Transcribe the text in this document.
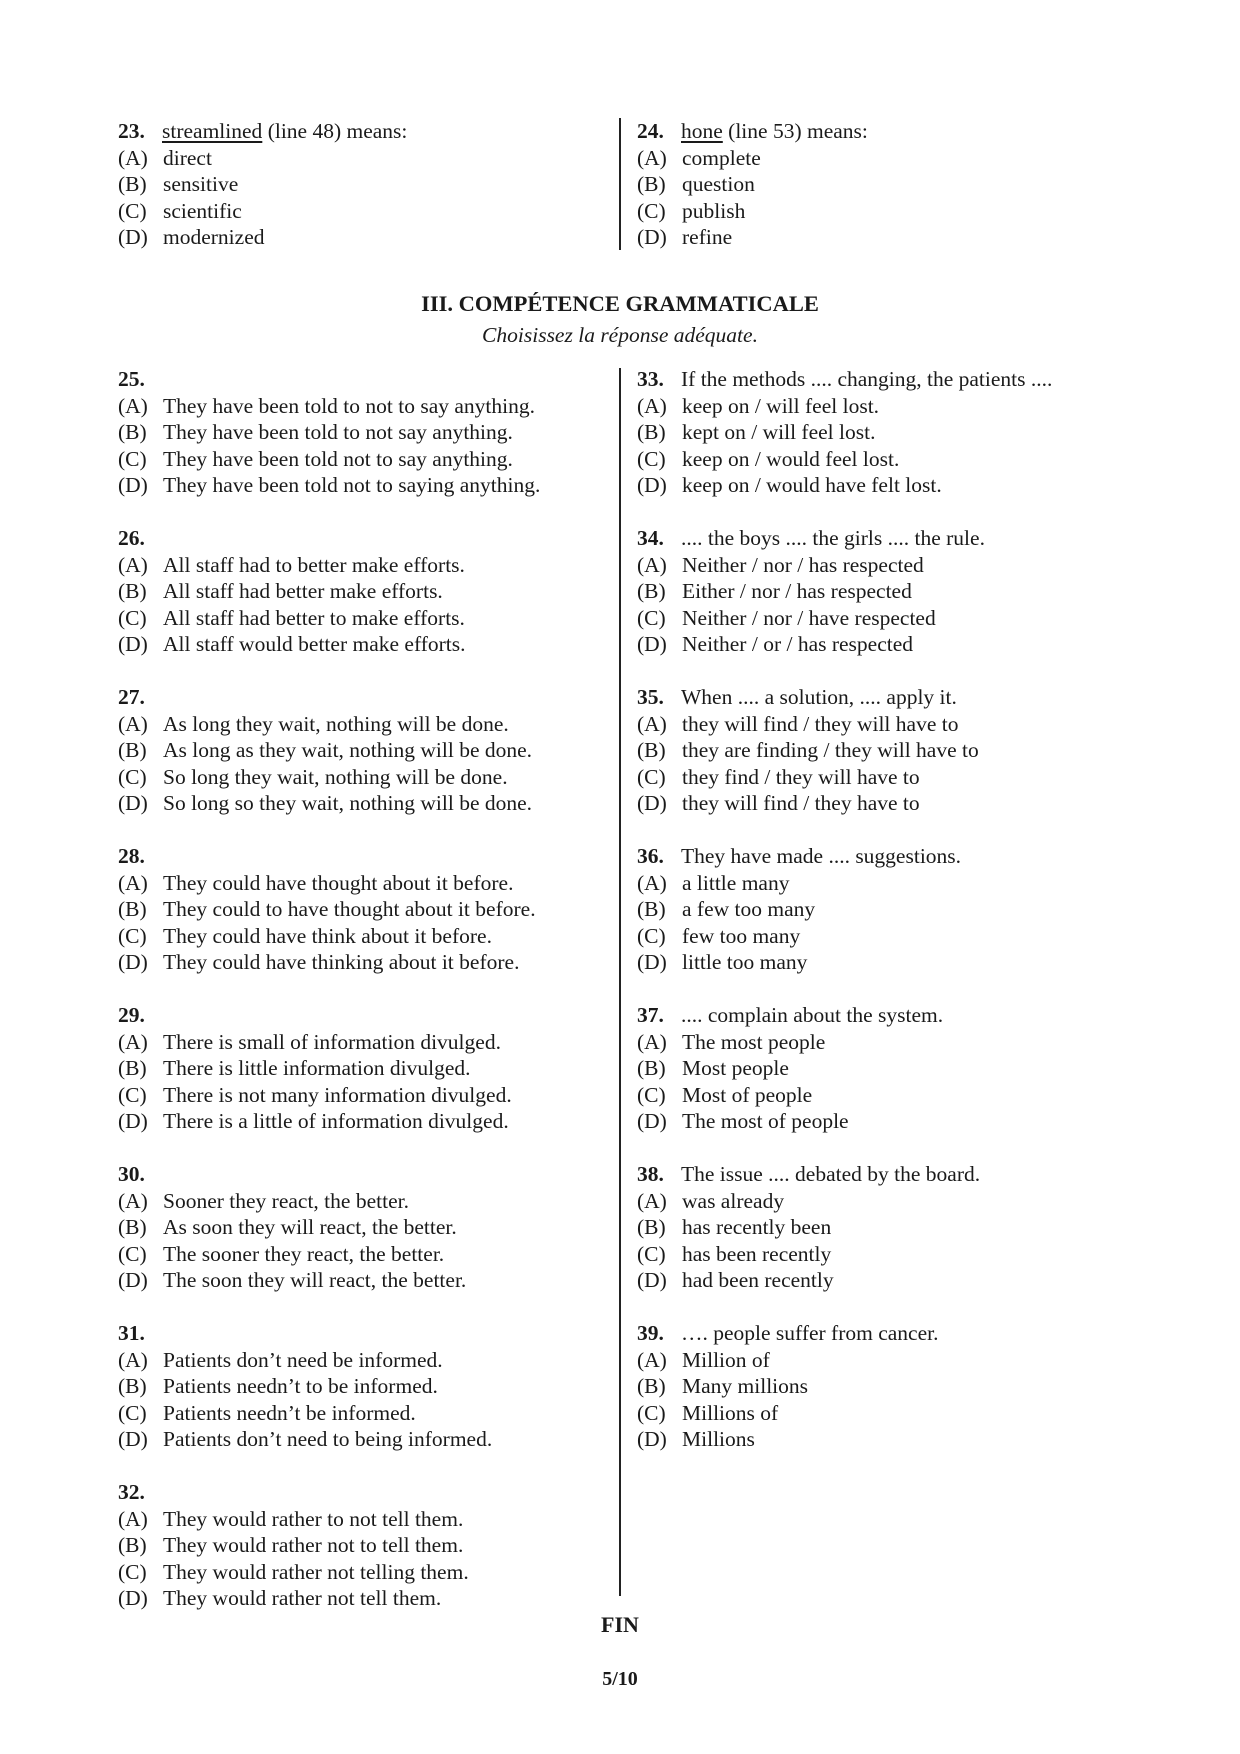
23. streamlined (line 48) means:
(A) direct
(B) sensitive
(C) scientific
(D) modernized
24. hone (line 53) means:
(A) complete
(B) question
(C) publish
(D) refine
III. COMPÉTENCE GRAMMATICALE
Choisissez la réponse adéquate.
25.
(A) They have been told to not to say anything.
(B) They have been told to not say anything.
(C) They have been told not to say anything.
(D) They have been told not to saying anything.
26.
(A) All staff had to better make efforts.
(B) All staff had better make efforts.
(C) All staff had better to make efforts.
(D) All staff would better make efforts.
27.
(A) As long they wait, nothing will be done.
(B) As long as they wait, nothing will be done.
(C) So long they wait, nothing will be done.
(D) So long so they wait, nothing will be done.
28.
(A) They could have thought about it before.
(B) They could to have thought about it before.
(C) They could have think about it before.
(D) They could have thinking about it before.
29.
(A) There is small of information divulged.
(B) There is little information divulged.
(C) There is not many information divulged.
(D) There is a little of information divulged.
30.
(A) Sooner they react, the better.
(B) As soon they will react, the better.
(C) The sooner they react, the better.
(D) The soon they will react, the better.
31.
(A) Patients don’t need be informed.
(B) Patients needn’t to be informed.
(C) Patients needn’t be informed.
(D) Patients don’t need to being informed.
32.
(A) They would rather to not tell them.
(B) They would rather not to tell them.
(C) They would rather not telling them.
(D) They would rather not tell them.
33. If the methods .... changing, the patients ....
(A) keep on / will feel lost.
(B) kept on / will feel lost.
(C) keep on / would feel lost.
(D) keep on / would have felt lost.
34. .... the boys .... the girls .... the rule.
(A) Neither / nor / has respected
(B) Either / nor / has respected
(C) Neither / nor / have respected
(D) Neither / or / has respected
35. When .... a solution, .... apply it.
(A) they will find / they will have to
(B) they are finding / they will have to
(C) they find / they will have to
(D) they will find / they have to
36. They have made .... suggestions.
(A) a little many
(B) a few too many
(C) few too many
(D) little too many
37. .... complain about the system.
(A) The most people
(B) Most people
(C) Most of people
(D) The most of people
38. The issue .... debated by the board.
(A) was already
(B) has recently been
(C) has been recently
(D) had been recently
39. …. people suffer from cancer.
(A) Million of
(B) Many millions
(C) Millions of
(D) Millions
FIN
5/10
